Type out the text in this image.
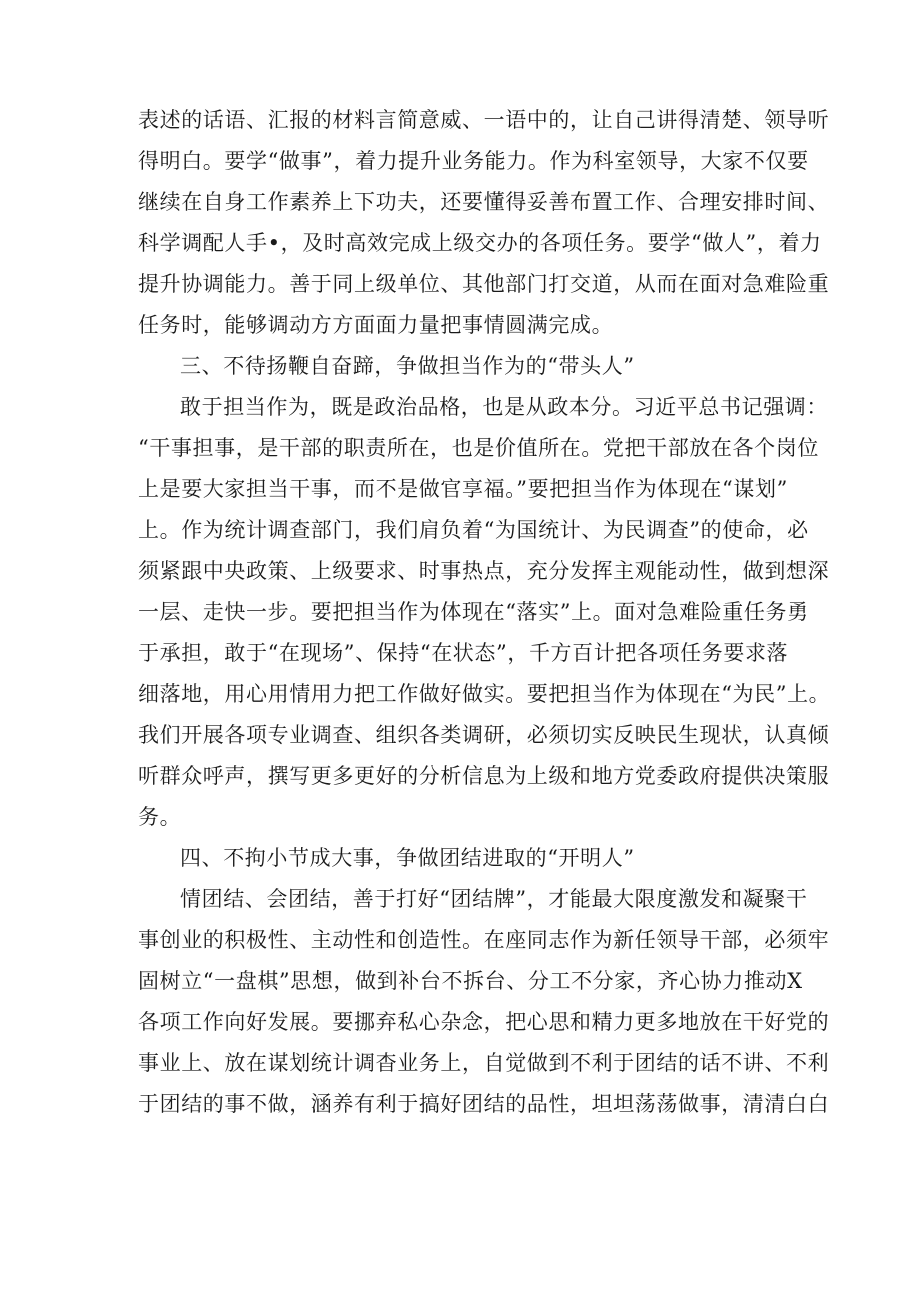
表述的话语、汇报的材料言简意威、一语中的，让自己讲得清楚、领导听
得明白。要学“做事”，着力提升业务能力。作为科室领导，大家不仅要
继续在自身工作素养上下功夫，还要懂得妥善布置工作、合理安排时间、
科学调配人手•，及时高效完成上级交办的各项任务。要学“做人”，着力
提升协调能力。善于同上级单位、其他部门打交道，从而在面对急难险重
任务时，能够调动方方面面力量把事情圆满完成。
三、不待扬鞭自奋蹄，争做担当作为的“带头人”
敢于担当作为，既是政治品格，也是从政本分。习近平总书记强调：
“干事担事，是干部的职责所在，也是价值所在。党把干部放在各个岗位
上是要大家担当干事，而不是做官享福。”要把担当作为体现在“谋划”
上。作为统计调查部门，我们肩负着“为国统计、为民调查”的使命，必
须紧跟中央政策、上级要求、时事热点，充分发挥主观能动性，做到想深
一层、走快一步。要把担当作为体现在“落实”上。面对急难险重任务勇
于承担，敢于“在现场”、保持“在状态”，千方百计把各项任务要求落
细落地，用心用情用力把工作做好做实。要把担当作为体现在“为民”上。
我们开展各项专业调查、组织各类调研，必须切实反映民生现状，认真倾
听群众呼声，撰写更多更好的分析信息为上级和地方党委政府提供决策服
务。
四、不拘小节成大事，争做团结进取的“开明人”
情团结、会团结，善于打好“团结牌”，才能最大限度激发和凝聚干
事创业的积极性、主动性和创造性。在座同志作为新任领导干部，必须牢
固树立“一盘棋”思想，做到补台不拆台、分工不分家，齐心协力推动X
各项工作向好发展。要挪弃私心杂念，把心思和精力更多地放在干好党的
事业上、放在谋划统计调杳业务上，自觉做到不利于团结的话不讲、不利
于团结的事不做，涵养有利于搞好团结的品性，坦坦荡荡做事，清清白白
